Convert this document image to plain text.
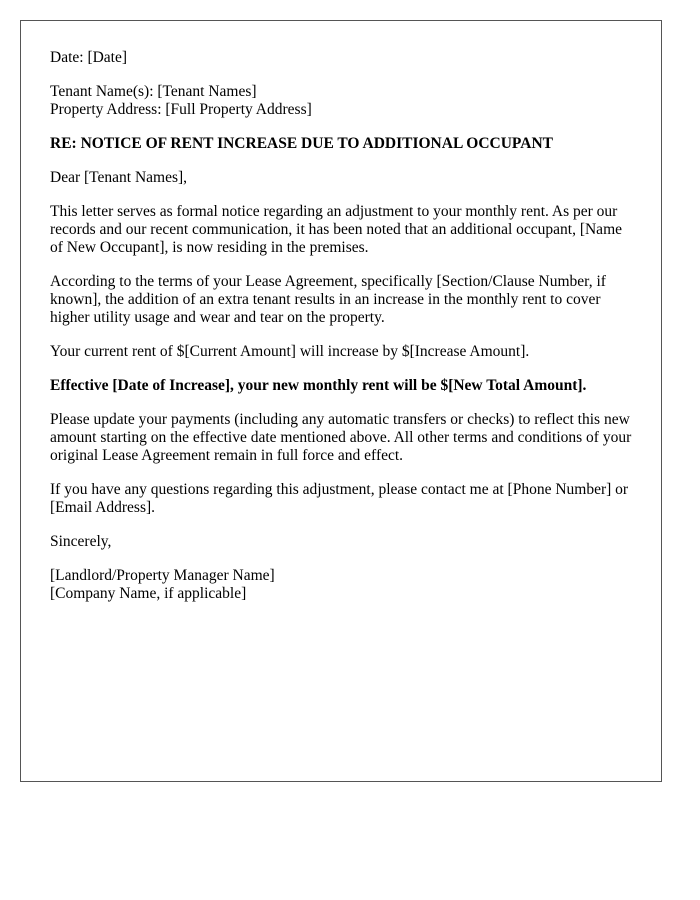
Date: [Date]

Tenant Name(s): [Tenant Names]
Property Address: [Full Property Address]

RE: NOTICE OF RENT INCREASE DUE TO ADDITIONAL OCCUPANT

Dear [Tenant Names],

This letter serves as formal notice regarding an adjustment to your monthly rent. As per our records and our recent communication, it has been noted that an additional occupant, [Name of New Occupant], is now residing in the premises.

According to the terms of your Lease Agreement, specifically [Section/Clause Number, if known], the addition of an extra tenant results in an increase in the monthly rent to cover higher utility usage and wear and tear on the property.

Your current rent of $[Current Amount] will increase by $[Increase Amount].

Effective [Date of Increase], your new monthly rent will be $[New Total Amount].

Please update your payments (including any automatic transfers or checks) to reflect this new amount starting on the effective date mentioned above. All other terms and conditions of your original Lease Agreement remain in full force and effect.

If you have any questions regarding this adjustment, please contact me at [Phone Number] or [Email Address].

Sincerely,

[Landlord/Property Manager Name]
[Company Name, if applicable]
